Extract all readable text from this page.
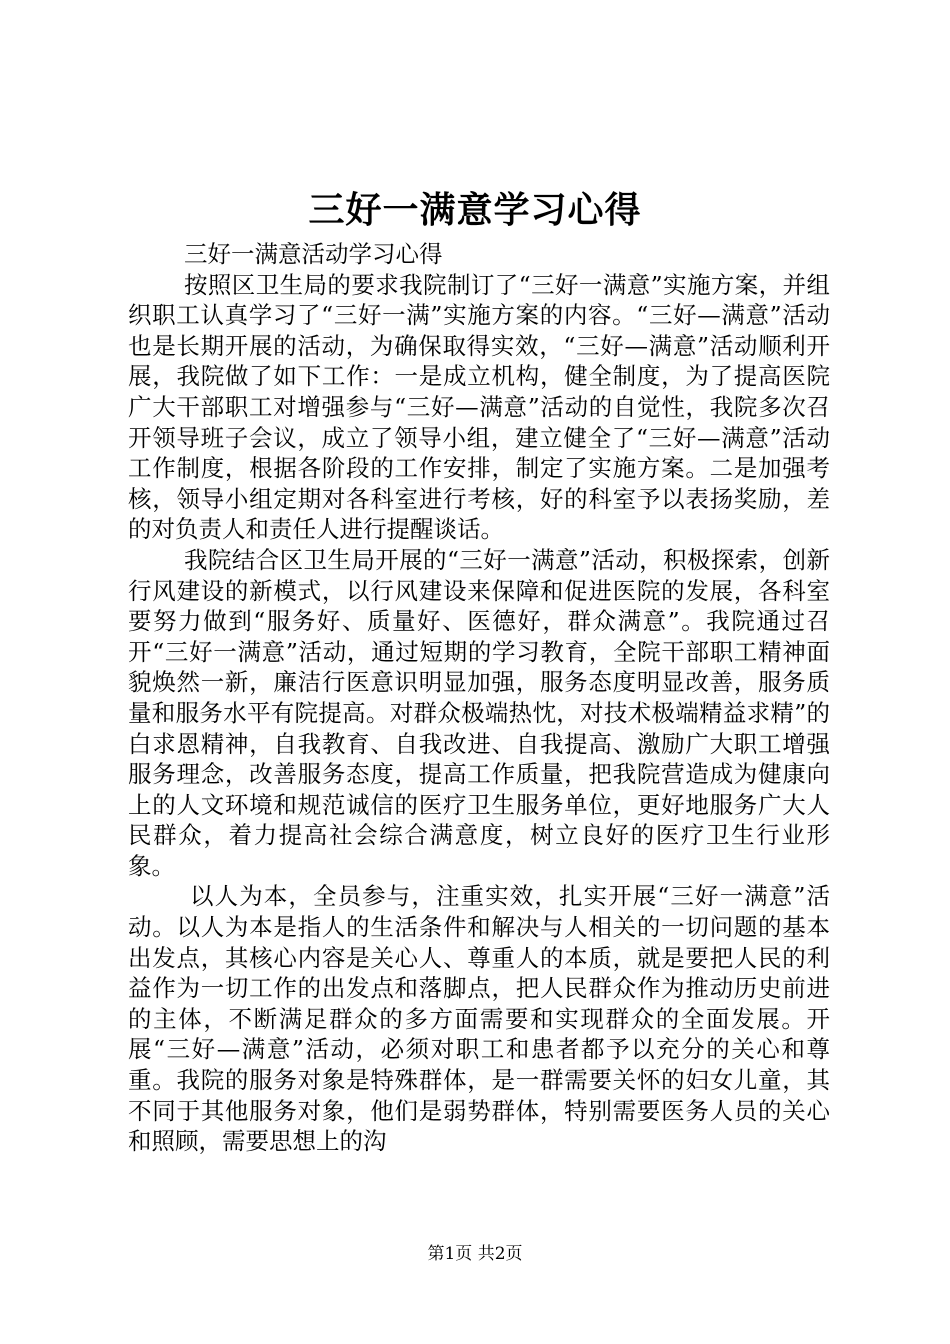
三好一满意学习心得

三好一满意活动学习心得

按照区卫生局的要求我院制订了“三好一满意”实施方案，并组织职工认真学习了“三好一满”实施方案的内容。“三好—满意”活动也是长期开展的活动，为确保取得实效，“三好—满意”活动顺利开展，我院做了如下工作：一是成立机构，健全制度，为了提高医院广大干部职工对增强参与“三好—满意”活动的自觉性，我院多次召开领导班子会议，成立了领导小组，建立健全了“三好—满意”活动工作制度，根据各阶段的工作安排，制定了实施方案。二是加强考核，领导小组定期对各科室进行考核，好的科室予以表扬奖励，差的对负责人和责任人进行提醒谈话。

我院结合区卫生局开展的“三好一满意”活动，积极探索，创新行风建设的新模式，以行风建设来保障和促进医院的发展，各科室要努力做到“服务好、质量好、医德好，群众满意”。我院通过召开“三好一满意”活动，通过短期的学习教育，全院干部职工精神面貌焕然一新，廉洁行医意识明显加强，服务态度明显改善，服务质量和服务水平有院提高。对群众极端热忱，对技术极端精益求精”的白求恩精神，自我教育、自我改进、自我提高、激励广大职工增强服务理念，改善服务态度，提高工作质量，把我院营造成为健康向上的人文环境和规范诚信的医疗卫生服务单位，更好地服务广大人民群众，着力提高社会综合满意度，树立良好的医疗卫生行业形象。

以人为本，全员参与，注重实效，扎实开展“三好一满意”活动。以人为本是指人的生活条件和解决与人相关的一切问题的基本出发点，其核心内容是关心人、尊重人的本质，就是要把人民的利益作为一切工作的出发点和落脚点，把人民群众作为推动历史前进的主体，不断满足群众的多方面需要和实现群众的全面发展。开展“三好—满意”活动，必须对职工和患者都予以充分的关心和尊重。我院的服务对象是特殊群体，是一群需要关怀的妇女儿童，其不同于其他服务对象，他们是弱势群体，特别需要医务人员的关心和照顾，需要思想上的沟

第1页 共2页
